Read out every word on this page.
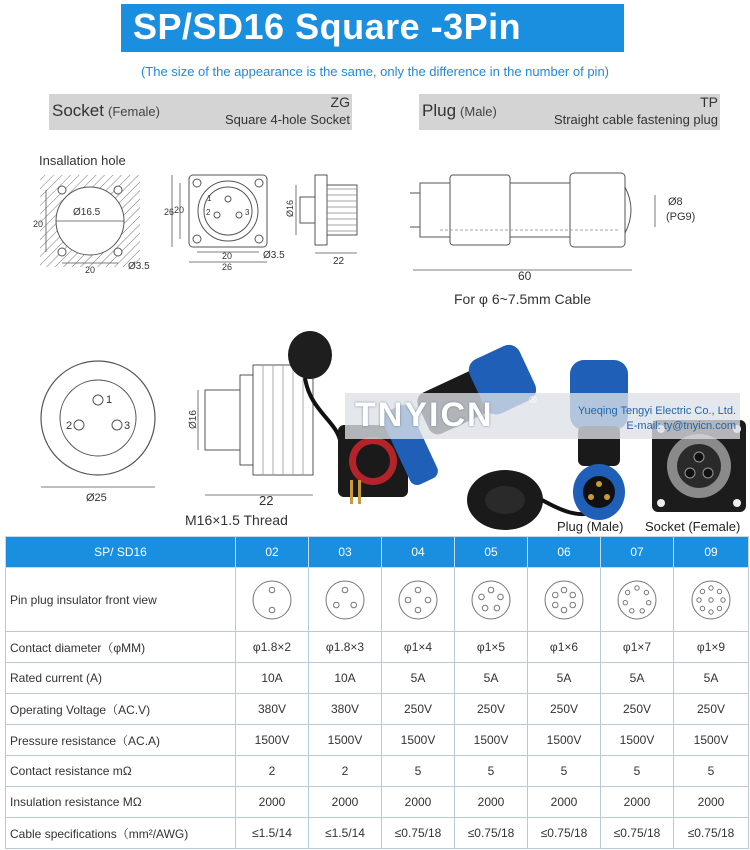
SP/SD16 Square -3Pin
(The size of the appearance is the same, only the difference in the number of pin)
Socket (Female)
ZG
Square 4-hole Socket	Plug (Male)
TP
Straight cable fastening plug
Insallation hole
Ø16.5
20
20	Ø3.5
26 20
20
26
Ø3.5
1
2	3	Ø16
22
Ø8
(PG9)
60
For φ 6~7.5mm Cable
1
2	3
Ø25
Ø16
22
M16×1.5 Thread
TNYICN	®
Yueqing Tengyi Electric Co., Ltd.
E-mail: ty@tnyicn.com
Plug (Male) Socket (Female)
SP/ SD16	02	03	04	05	06	07	09
Pin plug insulator front view	

Contact diameter（φMM)	φ1.8×2	φ1.8×3	φ1×4	φ1×5	φ1×6	φ1×7	φ1×9
Rated current (A)	10A	10A	5A	5A	5A	5A	5A
Operating Voltage（AC.V)	380V	380V	250V	250V	250V	250V	250V
Pressure resistance（AC.A)	1500V	1500V	1500V	1500V	1500V	1500V	1500V
Contact resistance mΩ	2	2	5	5	5	5	5
Insulation resistance MΩ	2000	2000	2000	2000	2000	2000	2000
Cable specifications（mm²/AWG)	≤1.5/14	≤1.5/14	≤0.75/18	≤0.75/18	≤0.75/18	≤0.75/18	≤0.75/18
